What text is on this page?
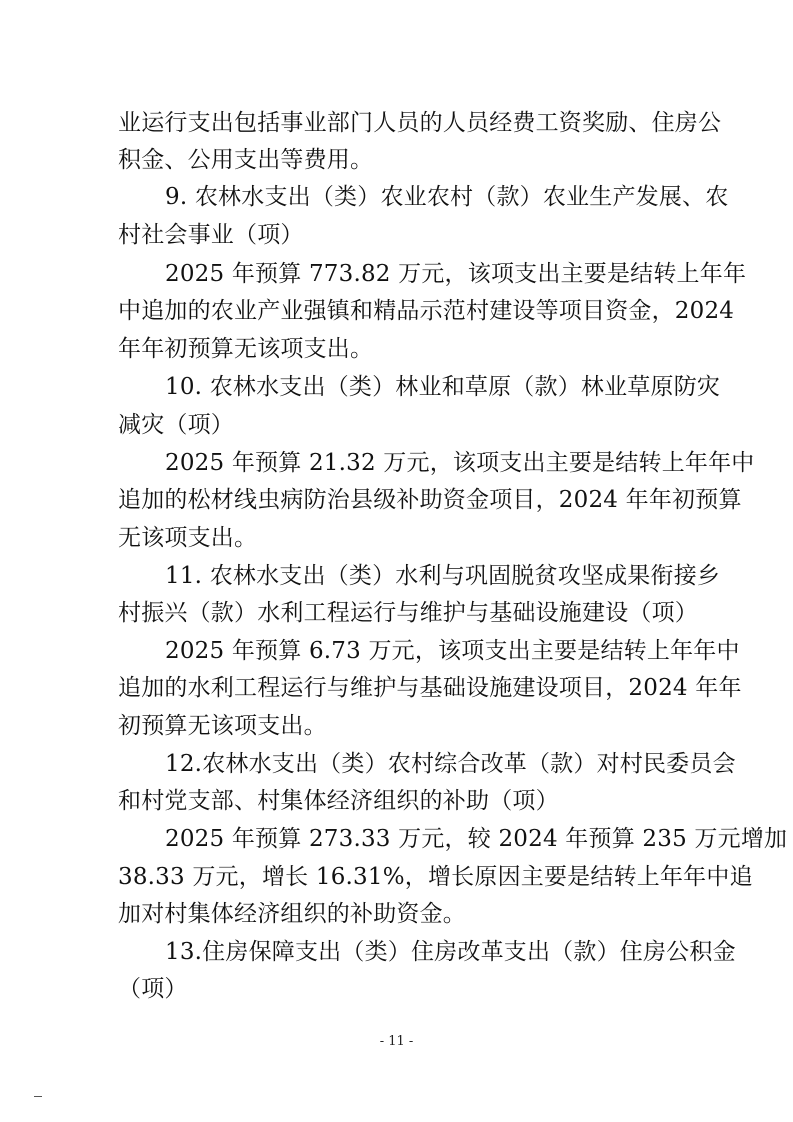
业运行支出包括事业部门人员的人员经费工资奖励、住房公
积金、公用支出等费用。
9. 农林水支出（类）农业农村（款）农业生产发展、农
村社会事业（项）
2025 年预算 773.82 万元，该项支出主要是结转上年年
中追加的农业产业强镇和精品示范村建设等项目资金，2024
年年初预算无该项支出。
10. 农林水支出（类）林业和草原（款）林业草原防灾
减灾（项）
2025 年预算 21.32 万元，该项支出主要是结转上年年中
追加的松材线虫病防治县级补助资金项目，2024 年年初预算
无该项支出。
11. 农林水支出（类）水利与巩固脱贫攻坚成果衔接乡
村振兴（款）水利工程运行与维护与基础设施建设（项）
2025 年预算 6.73 万元，该项支出主要是结转上年年中
追加的水利工程运行与维护与基础设施建设项目，2024 年年
初预算无该项支出。
12.农林水支出（类）农村综合改革（款）对村民委员会
和村党支部、村集体经济组织的补助（项）
2025 年预算 273.33 万元，较 2024 年预算 235 万元增加
38.33 万元，增长 16.31%，增长原因主要是结转上年年中追
加对村集体经济组织的补助资金。
13.住房保障支出（类）住房改革支出（款）住房公积金
（项）
- 11 -
